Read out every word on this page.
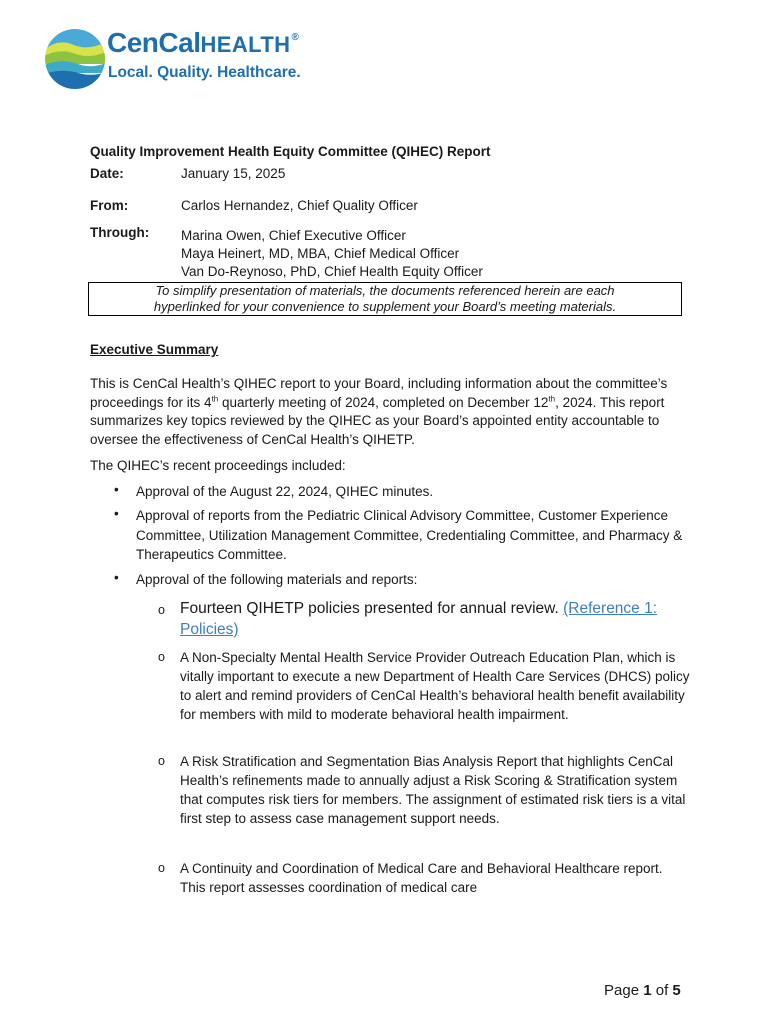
CenCalHEALTH®
Local. Quality. Healthcare.
Quality Improvement Health Equity Committee (QIHEC) Report
Date:	January 15, 2025
From:	Carlos Hernandez, Chief Quality Officer
Through: Marina Owen, Chief Executive Officer
Maya Heinert, MD, MBA, Chief Medical Officer
Van Do-Reynoso, PhD, Chief Health Equity Officer
To simplify presentation of materials, the documents referenced herein are each
hyperlinked for your convenience to supplement your Board’s meeting materials.
Executive Summary
This is CenCal Health’s QIHEC report to your Board, including information about the committee’s proceedings for its 4th quarterly meeting of 2024, completed on December 12th, 2024. This report summarizes key topics reviewed by the QIHEC as your Board’s appointed entity accountable to oversee the effectiveness of CenCal Health’s QIHETP.
The QIHEC’s recent proceedings included:
• Approval of the August 22, 2024, QIHEC minutes.
• Approval of reports from the Pediatric Clinical Advisory Committee, Customer Experience Committee, Utilization Management Committee, Credentialing Committee, and Pharmacy & Therapeutics Committee.
• Approval of the following materials and reports:
o Fourteen QIHETP policies presented for annual review. (Reference 1: Policies)
o A Non-Specialty Mental Health Service Provider Outreach Education Plan, which is vitally important to execute a new Department of Health Care Services (DHCS) policy to alert and remind providers of CenCal Health’s behavioral health benefit availability for members with mild to moderate behavioral health impairment.
o A Risk Stratification and Segmentation Bias Analysis Report that highlights CenCal Health’s refinements made to annually adjust a Risk Scoring & Stratification system that computes risk tiers for members. The assignment of estimated risk tiers is a vital first step to assess case management support needs.
o A Continuity and Coordination of Medical Care and Behavioral Healthcare report. This report assesses coordination of medical care
Page 1 of 5
